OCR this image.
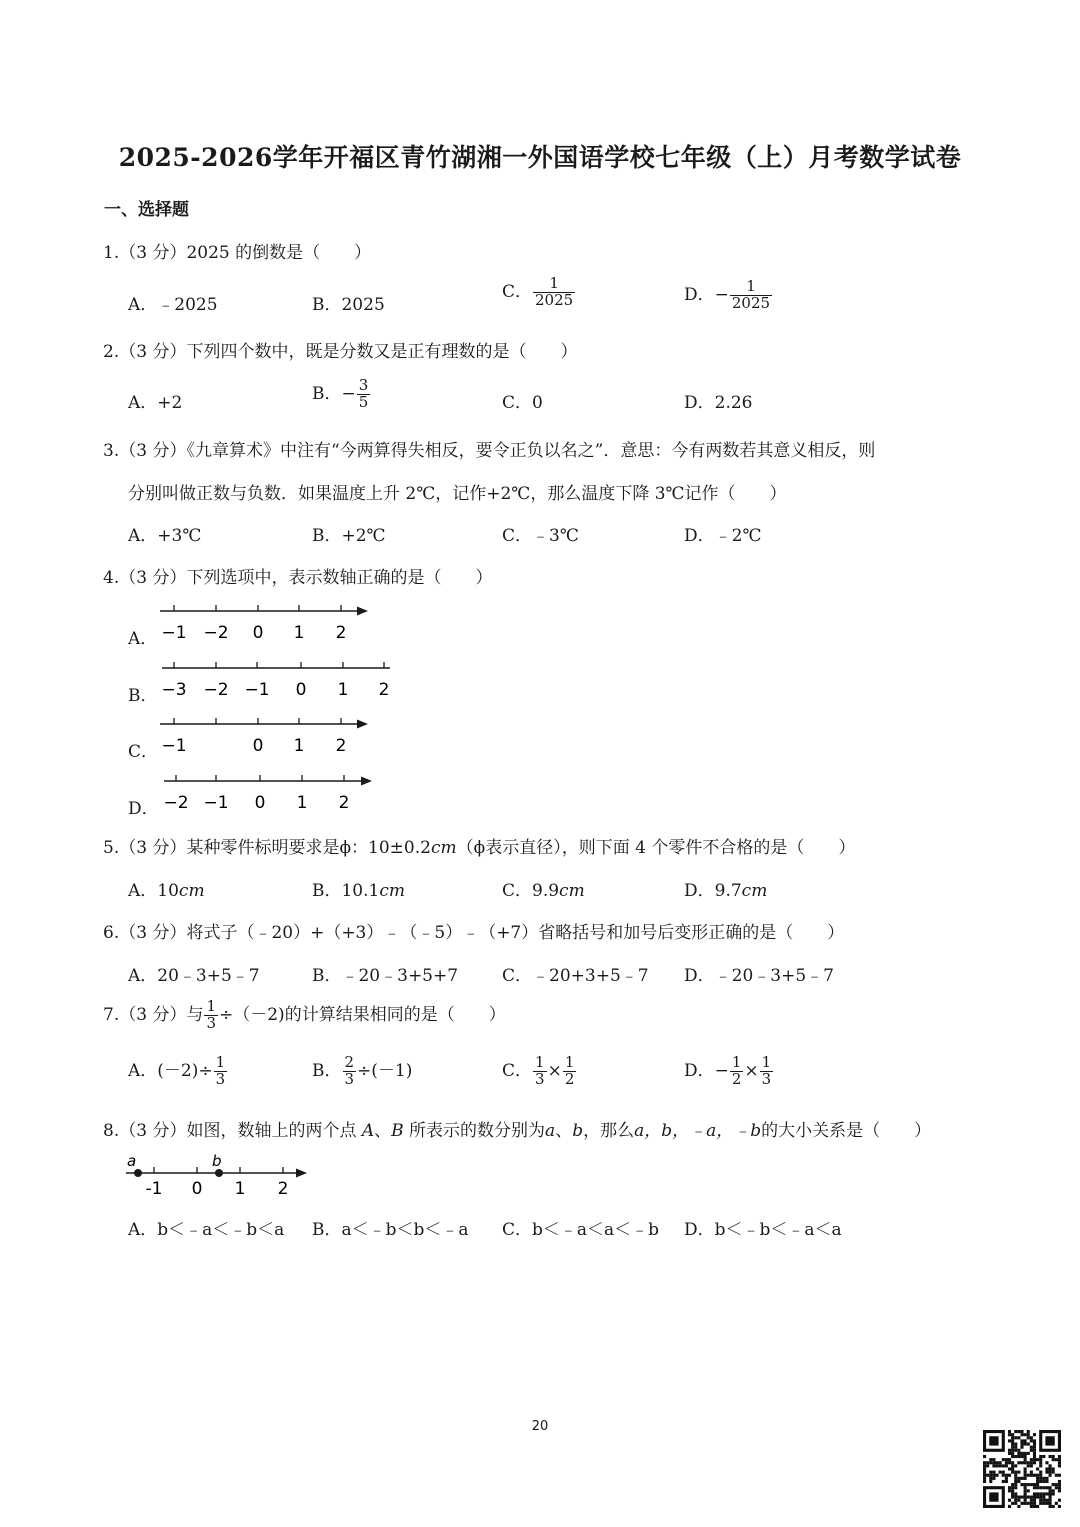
2025-2026学年开福区青竹湖湘一外国语学校七年级（上）月考数学试卷
一、选择题
1.（3 分）2025 的倒数是（　　）
A．﹣2025	B．2025
C． $\frac{1}{2025}$	D．− $\frac{1}{2025}$
2.（3 分）下列四个数中，既是分数又是正有理数的是（　　）
A．+2	B．− $\frac{3}{5}$	C．0	D．2.26
3.（3 分）《九章算术》中注有“今两算得失相反，要令正负以名之”．意思：今有两数若其意义相反，则
分别叫做正数与负数．如果温度上升 2℃，记作+2℃，那么温度下降 3℃记作（　　）
A．+3℃	B．+2℃	C．﹣3℃	D．﹣2℃
4.（3 分）下列选项中，表示数轴正确的是（　　）
A． −1 −2 0 1 2
B． −3 −2 −1 0 1 2
C． −1	0 1 2
D． −2 −1 0 1 2
5.（3 分）某种零件标明要求是ϕ：10±0.2cm（ϕ表示直径），则下面 4 个零件不合格的是（　　）
A．10cm	B．10.1cm	C．9.9cm	D．9.7cm
6.（3 分）将式子（﹣20）+（+3）﹣（﹣5）﹣（+7）省略括号和加号后变形正确的是（　　）
A．20﹣3+5﹣7	B．﹣20﹣3+5+7	C．﹣20+3+5﹣7 D．﹣20﹣3+5﹣7
7.（3 分）与 $\frac{1}{3} \div(-2)$的计算结果相同的是（　　）
A．$(-2)\div \frac{1}{3}$	B． $\frac{2}{3} \div(-1)$	C． $\frac{1}{3} \times \frac{1}{2}$	D．− $\frac{1}{2} \times \frac{1}{3}$
8.（3 分）如图，数轴上的两个点 A、B 所表示的数分别为a、b，那么a，b，﹣a，﹣b的大小关系是（　　）
-1 0 1 2
a	b
A．b＜﹣a＜﹣b＜a B．a＜﹣b＜b＜﹣a C．b＜﹣a＜a＜﹣b D．b＜﹣b＜﹣a＜a
20
